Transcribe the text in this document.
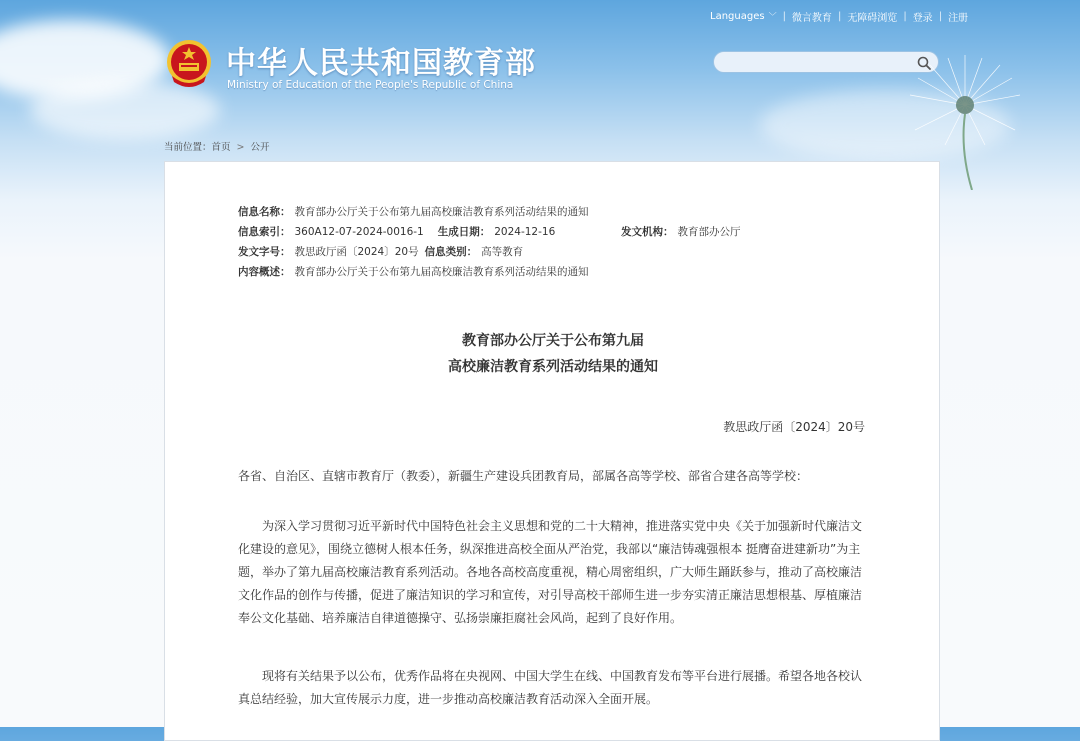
Languages ﹀ | 微言教育 | 无障碍浏览 | 登录 | 注册
中华人民共和国教育部
Ministry of Education of the People's Republic of China
当前位置：首页 > 公开
信息名称： 教育部办公厅关于公布第九届高校廉洁教育系列活动结果的通知
信息索引： 360A12-07-2024-0016-1 生成日期： 2024-12-16	发文机构： 教育部办公厅
发文字号： 教思政厅函〔2024〕20号 信息类别： 高等教育
内容概述： 教育部办公厅关于公布第九届高校廉洁教育系列活动结果的通知
教育部办公厅关于公布第九届
高校廉洁教育系列活动结果的通知
教思政厅函〔2024〕20号
各省、自治区、直辖市教育厅（教委），新疆生产建设兵团教育局，部属各高等学校、部省合建各高等学校：
为深入学习贯彻习近平新时代中国特色社会主义思想和党的二十大精神，推进落实党中央《关于加强新时代廉洁文化建设的意见》，围绕立德树人根本任务，纵深推进高校全面从严治党，我部以“廉洁铸魂强根本 挺膺奋进建新功”为主题，举办了第九届高校廉洁教育系列活动。各地各高校高度重视，精心周密组织，广大师生踊跃参与，推动了高校廉洁文化作品的创作与传播，促进了廉洁知识的学习和宣传，对引导高校干部师生进一步夯实清正廉洁思想根基、厚植廉洁奉公文化基础、培养廉洁自律道德操守、弘扬崇廉拒腐社会风尚，起到了良好作用。
现将有关结果予以公布，优秀作品将在央视网、中国大学生在线、中国教育发布等平台进行展播。希望各地各校认真总结经验，加大宣传展示力度，进一步推动高校廉洁教育活动深入全面开展。
